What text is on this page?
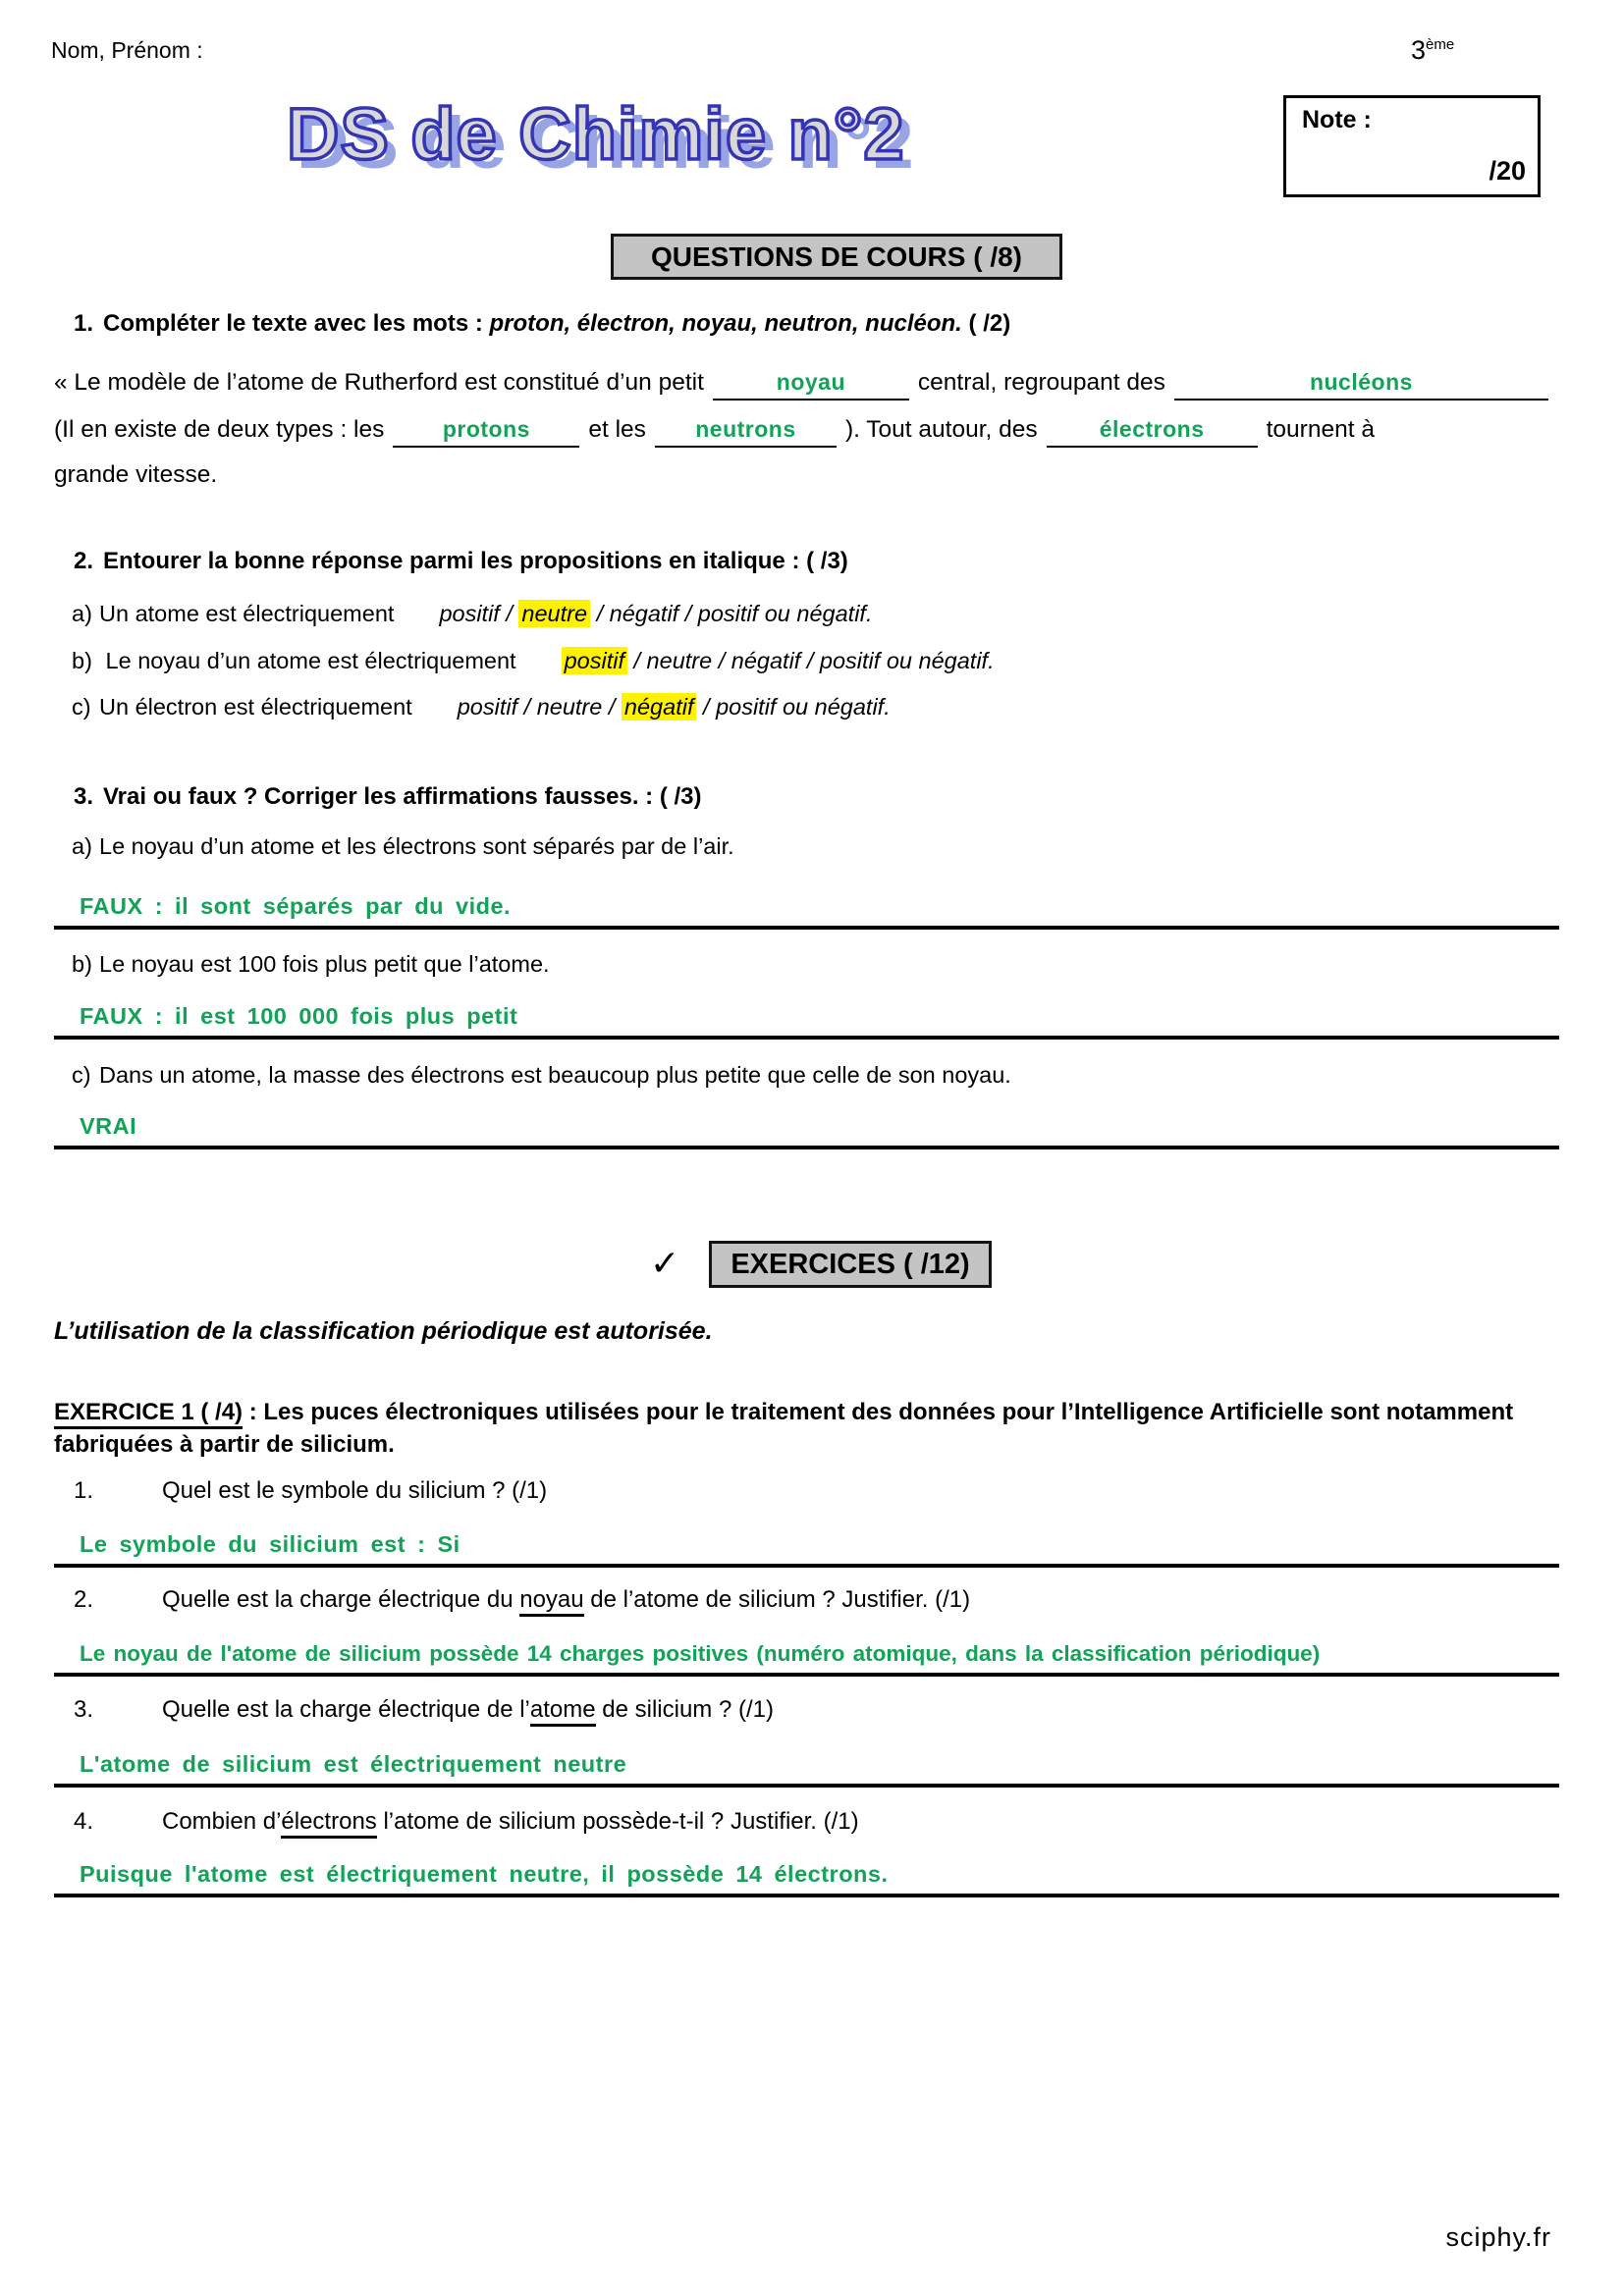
Nom, Prénom :	3ème
DS de Chimie n°2	Note :
/20
QUESTIONS DE COURS ( /8)
1. Compléter le texte avec les mots : proton, électron, noyau, neutron, nucléon. ( /2)
« Le modèle de l’atome de Rutherford est constitué d’un petit	noyau	central, regroupant des	nucléons
(Il en existe de deux types : les	protons	et les	neutrons	). Tout autour, des	électrons	tournent à
grande vitesse.
2. Entourer la bonne réponse parmi les propositions en italique : ( /3)
a) Un atome est électriquement positif / neutre / négatif / positif ou négatif.
b) Le noyau d’un atome est électriquement positif / neutre / négatif / positif ou négatif.
c) Un électron est électriquement positif / neutre / négatif / positif ou négatif.
3. Vrai ou faux ? Corriger les affirmations fausses. : ( /3)
a) Le noyau d’un atome et les électrons sont séparés par de l’air.
FAUX : il sont séparés par du vide.
b) Le noyau est 100 fois plus petit que l’atome.
FAUX : il est 100 000 fois plus petit
c) Dans un atome, la masse des électrons est beaucoup plus petite que celle de son noyau.
VRAI
✓	EXERCICES ( /12)
L’utilisation de la classification périodique est autorisée.
EXERCICE 1 ( /4) : Les puces électroniques utilisées pour le traitement des données pour l’Intelligence Artificielle sont notamment fabriquées à partir de silicium.
1.	Quel est le symbole du silicium ? (/1)
Le symbole du silicium est : Si
2.	Quelle est la charge électrique du noyau de l’atome de silicium ? Justifier. (/1)
Le noyau de l'atome de silicium possède 14 charges positives (numéro atomique, dans la classification périodique)
3.	Quelle est la charge électrique de l’atome de silicium ? (/1)
L'atome de silicium est électriquement neutre
4.	Combien d’électrons l’atome de silicium possède-t-il ? Justifier. (/1)
Puisque l'atome est électriquement neutre, il possède 14 électrons.
sciphy.fr
